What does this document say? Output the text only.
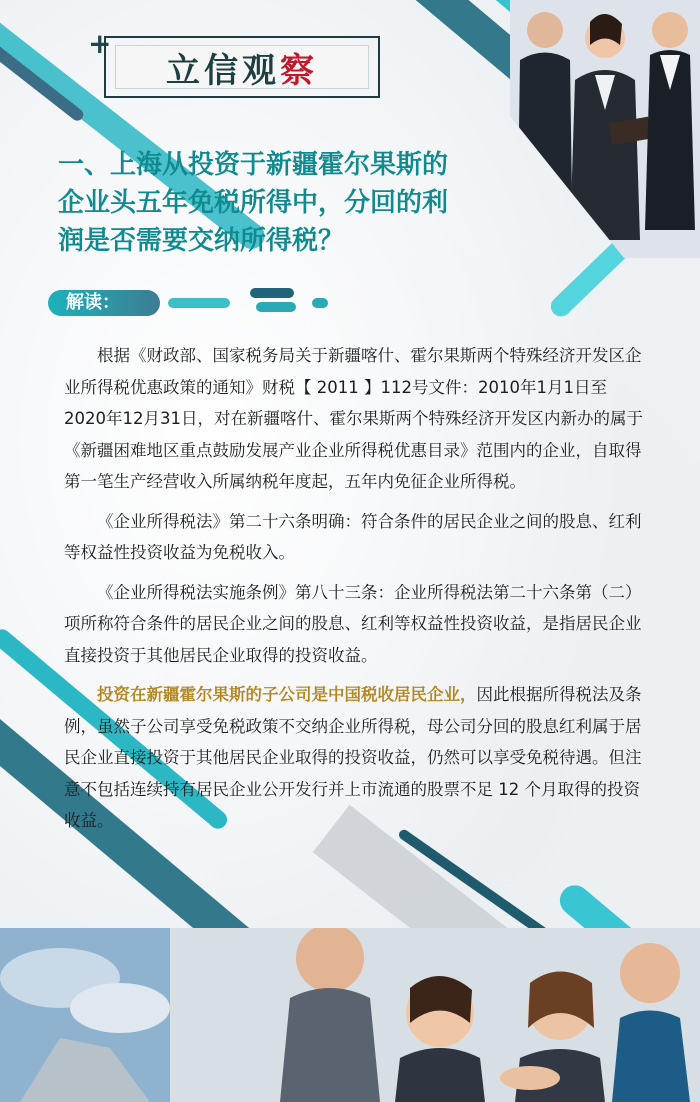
+
立信观 察
一、上海从投资于新疆霍尔果斯的
企业头五年免税所得中，分回的利
润是否需要交纳所得税？
解读：

根据《财政部、国家税务局关于新疆喀什、霍尔果斯两个特殊经济开发区企业所得税优惠政策的通知》财税【 2011 】112号文件：2010年1月1日至2020年12月31日，对在新疆喀什、霍尔果斯两个特殊经济开发区内新办的属于《新疆困难地区重点鼓励发展产业企业所得税优惠目录》范围内的企业，自取得第一笔生产经营收入所属纳税年度起，五年内免征企业所得税。

《企业所得税法》第二十六条明确：符合条件的居民企业之间的股息、红利等权益性投资收益为免税收入。

《企业所得税法实施条例》第八十三条：企业所得税法第二十六条第（二）项所称符合条件的居民企业之间的股息、红利等权益性投资收益，是指居民企业直接投资于其他居民企业取得的投资收益。

投资在新疆霍尔果斯的子公司是中国税收居民企业，因此根据所得税法及条例，虽然子公司享受免税政策不交纳企业所得税，母公司分回的股息红利属于居民企业直接投资于其他居民企业取得的投资收益，仍然可以享受免税待遇。但注意不包括连续持有居民企业公开发行并上市流通的股票不足 12 个月取得的投资收益。
